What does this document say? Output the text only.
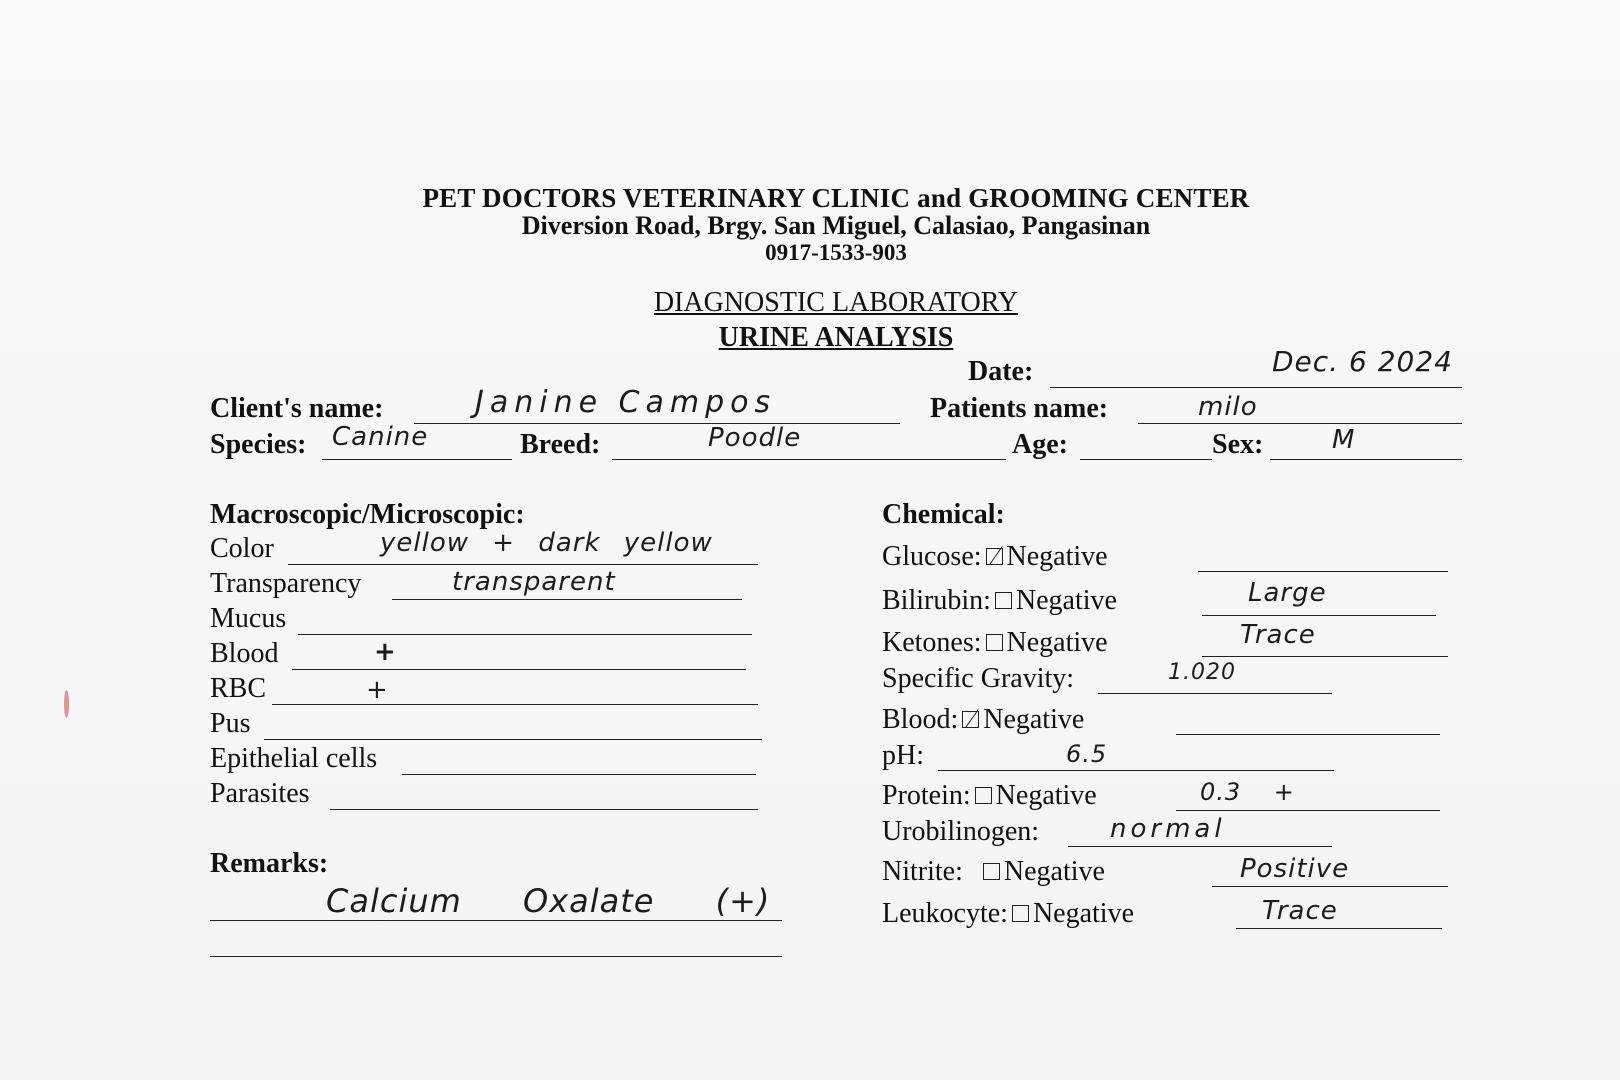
PET DOCTORS VETERINARY CLINIC and GROOMING CENTER
Diversion Road, Brgy. San Miguel, Calasiao, Pangasinan
0917-1533-903
DIAGNOSTIC LABORATORY
URINE ANALYSIS
Date:	Dec. 6 2024
Client's name:	Janine Campos	Patients name:	milo
Species: Canine	Breed:	Poodle	Age:	Sex:	M
Macroscopic/Microscopic:
Color	yellow + dark yellow
Transparency	transparent
Mucus
Blood	+
RBC	+
Pus
Epithelial cells
Parasites
Remarks:
Calcium Oxalate (+)
Chemical:
Glucose: Negative
Bilirubin: Negative	Large
Ketones: Negative	Trace
Specific Gravity:	1.020
Blood: Negative
pH:	6.5
Protein: Negative	0.3 +
Urobilinogen:	normal
Nitrite: Negative	Positive
Leukocyte: Negative	Trace
